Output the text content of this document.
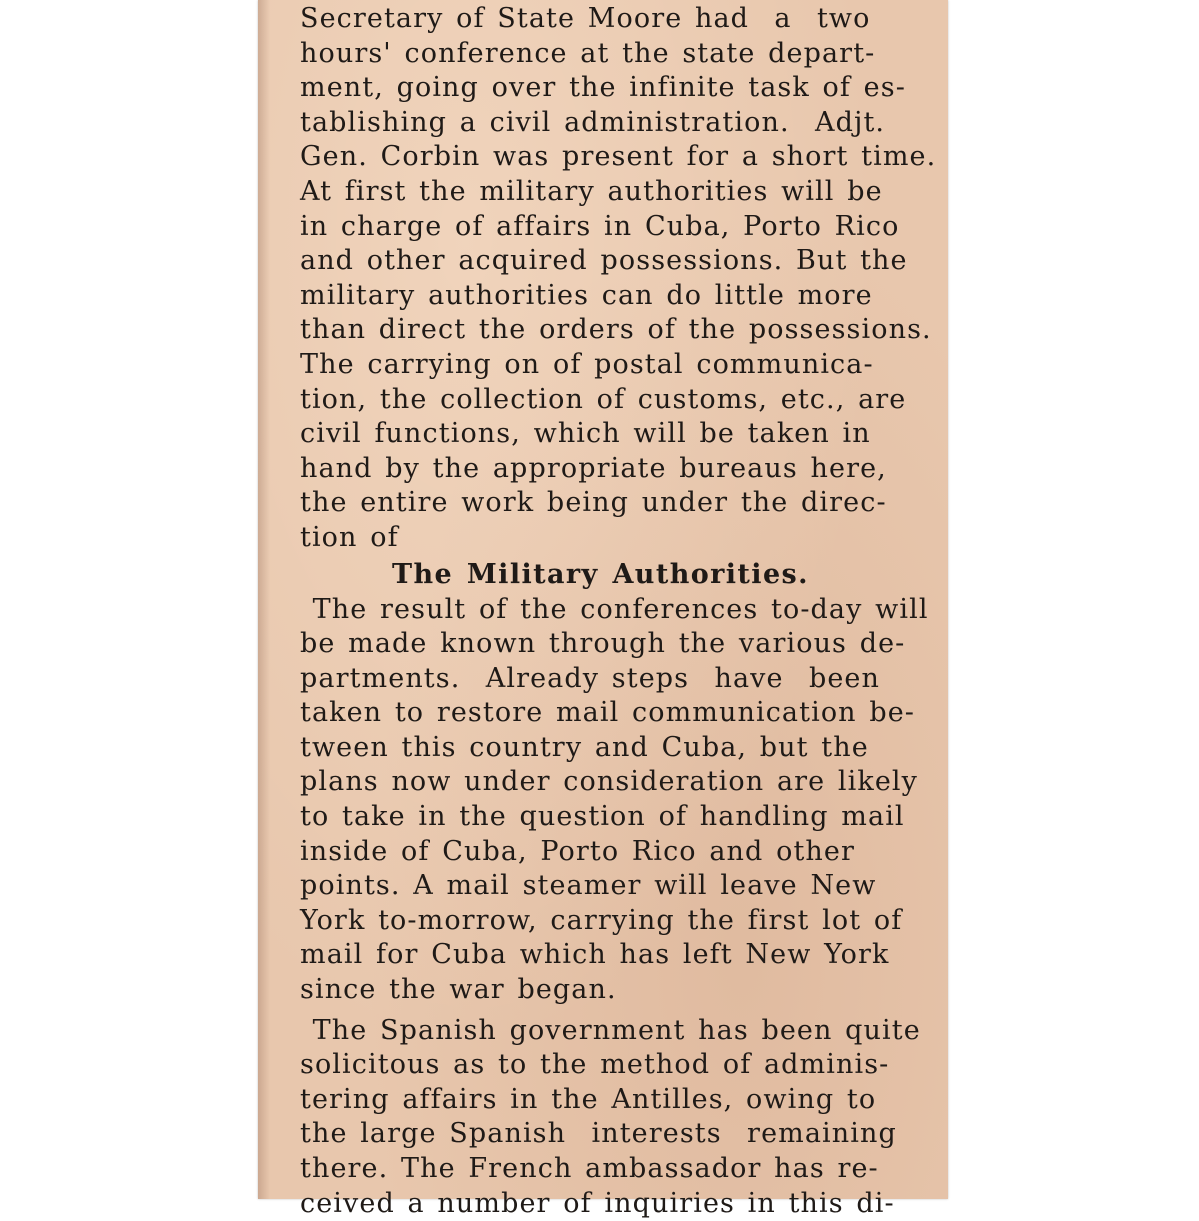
Secretary of State Moore had  a  two
hours' conference at the state depart-
ment, going over the infinite task of es-
tablishing a civil administration.  Adjt.
Gen. Corbin was present for a short time.
At first the military authorities will be
in charge of affairs in Cuba, Porto Rico
and other acquired possessions. But the
military authorities can do little more
than direct the orders of the possessions.
The carrying on of postal communica-
tion, the collection of customs, etc., are
civil functions, which will be taken in
hand by the appropriate bureaus here,
the entire work being under the direc-
tion of
The Military Authorities.
The result of the conferences to-day will
be made known through the various de-
partments.  Already steps  have  been
taken to restore mail communication be-
tween this country and Cuba, but the
plans now under consideration are likely
to take in the question of handling mail
inside of Cuba, Porto Rico and other
points. A mail steamer will leave New
York to-morrow, carrying the first lot of
mail for Cuba which has left New York
since the war began.
The Spanish government has been quite
solicitous as to the method of adminis-
tering affairs in the Antilles, owing to
the large Spanish  interests  remaining
there. The French ambassador has re-
ceived a number of inquiries in this di-
